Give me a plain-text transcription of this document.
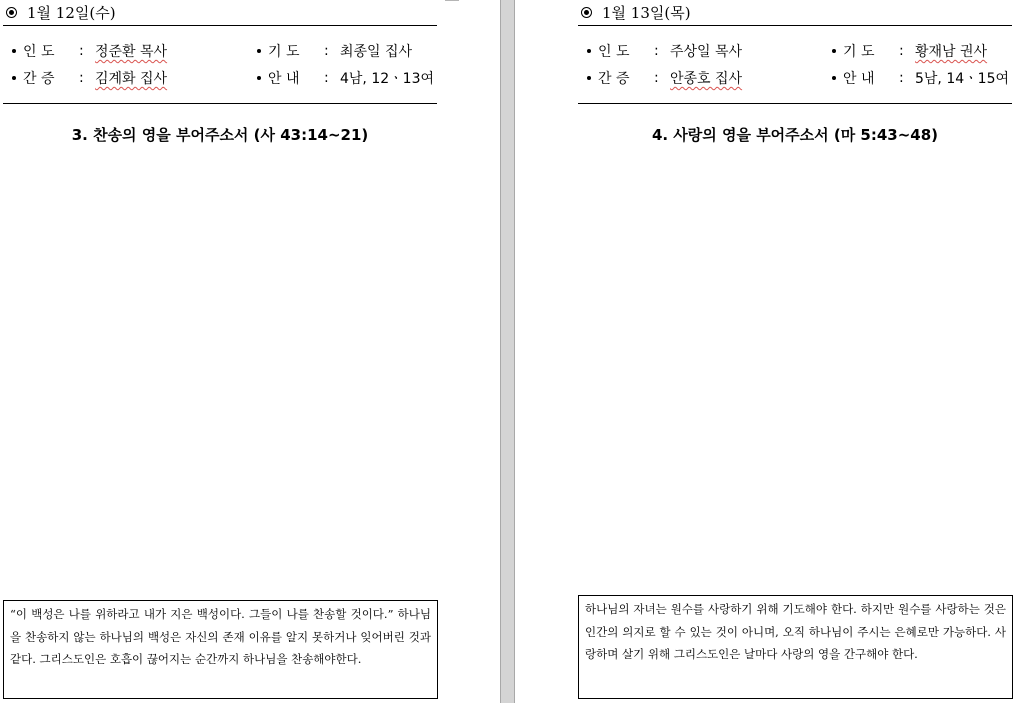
1월 12일(수)
인 도	: 정준환 목사	기 도	: 최종일 집사
간 증	: 김계화 집사	안 내	: 4남, 12ㆍ13여
3. 찬송의 영을 부어주소서 (사 43:14~21)
“이 백성은 나를 위하라고 내가 지은 백성이다. 그들이 나를 찬송할 것이다.” 하나님을 찬송하지 않는 하나님의 백성은 자신의 존재 이유를 알지 못하거나 잊어버린 것과 같다. 그리스도인은 호흡이 끊어지는 순간까지 하나님을 찬송해야한다.
1월 13일(목)
인 도	: 주상일 목사	기 도	: 황재남 권사
간 증	: 안종호 집사	안 내	: 5남, 14ㆍ15여
4. 사랑의 영을 부어주소서 (마 5:43~48)
하나님의 자녀는 원수를 사랑하기 위해 기도해야 한다. 하지만 원수를 사랑하는 것은 인간의 의지로 할 수 있는 것이 아니며, 오직 하나님이 주시는 은혜로만 가능하다. 사랑하며 살기 위해 그리스도인은 날마다 사랑의 영을 간구해야 한다.
